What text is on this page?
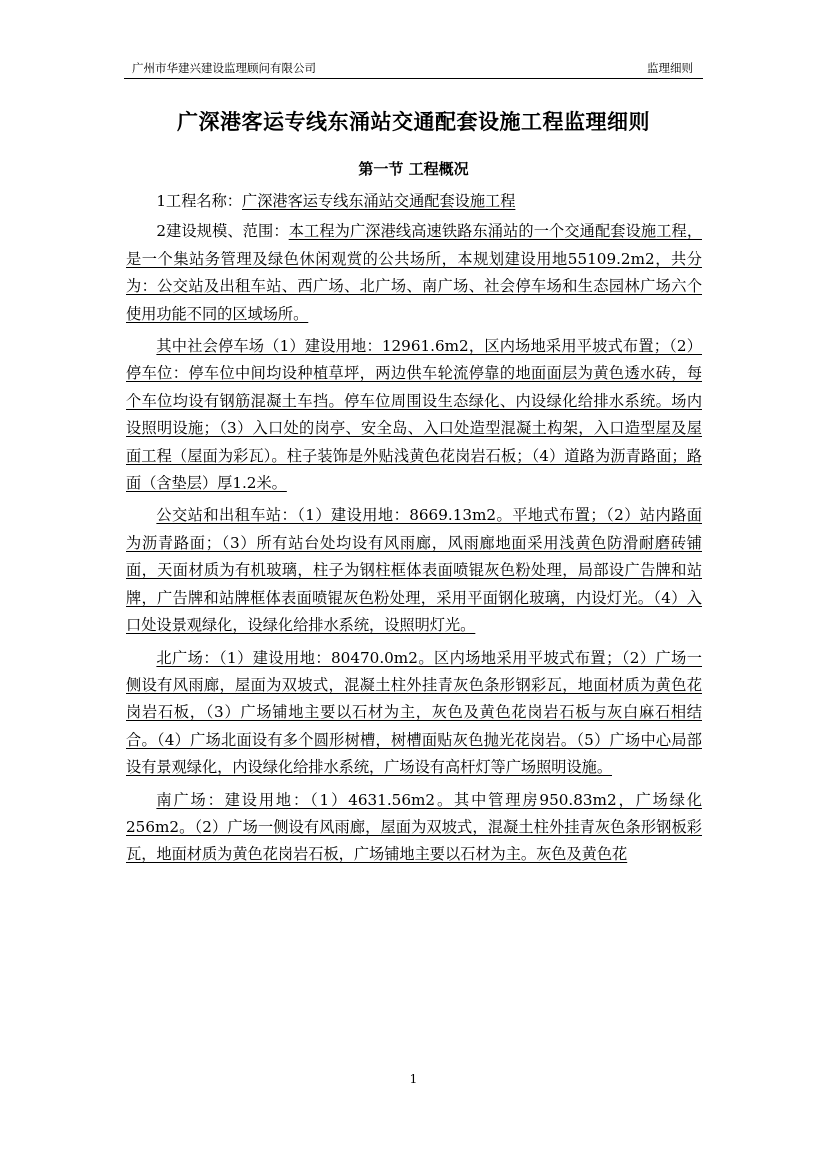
广州市华建兴建设监理顾问有限公司	监理细则
广深港客运专线东涌站交通配套设施工程监理细则
第一节 工程概况

1工程名称：广深港客运专线东涌站交通配套设施工程

2建设规模、范围：本工程为广深港线高速铁路东涌站的一个交通配套设施工程，是一个集站务管理及绿色休闲观赏的公共场所，本规划建设用地55109.2m2，共分为：公交站及出租车站、西广场、北广场、南广场、社会停车场和生态园林广场六个使用功能不同的区域场所。

其中社会停车场（1）建设用地：12961.6m2，区内场地采用平坡式布置；（2）停车位：停车位中间均设种植草坪，两边供车轮流停靠的地面面层为黄色透水砖，每个车位均设有钢筋混凝土车挡。停车位周围设生态绿化、内设绿化给排水系统。场内设照明设施；（3）入口处的岗亭、安全岛、入口处造型混凝土构架，入口造型屋及屋面工程（屋面为彩瓦）。柱子装饰是外贴浅黄色花岗岩石板；（4）道路为沥青路面；路面（含垫层）厚1.2米。

公交站和出租车站：（1）建设用地：8669.13m2。平地式布置；（2）站内路面为沥青路面；（3）所有站台处均设有风雨廊，风雨廊地面采用浅黄色防滑耐磨砖铺面，天面材质为有机玻璃，柱子为钢柱框体表面喷锟灰色粉处理，局部设广告牌和站牌，广告牌和站牌框体表面喷锟灰色粉处理，采用平面钢化玻璃，内设灯光。（4）入口处设景观绿化，设绿化给排水系统，设照明灯光。

北广场：（1）建设用地：80470.0m2。区内场地采用平坡式布置；（2）广场一侧设有风雨廊，屋面为双坡式，混凝土柱外挂青灰色条形钢彩瓦，地面材质为黄色花岗岩石板，（3）广场铺地主要以石材为主，灰色及黄色花岗岩石板与灰白麻石相结合。（4）广场北面设有多个圆形树槽，树槽面贴灰色抛光花岗岩。（5）广场中心局部设有景观绿化，内设绿化给排水系统，广场设有高杆灯等广场照明设施。

南广场：建设用地：（1）4631.56m2。其中管理房950.83m2，广场绿化256m2。（2）广场一侧设有风雨廊，屋面为双坡式，混凝土柱外挂青灰色条形钢板彩瓦，地面材质为黄色花岗岩石板，广场铺地主要以石材为主。灰色及黄色花

1
